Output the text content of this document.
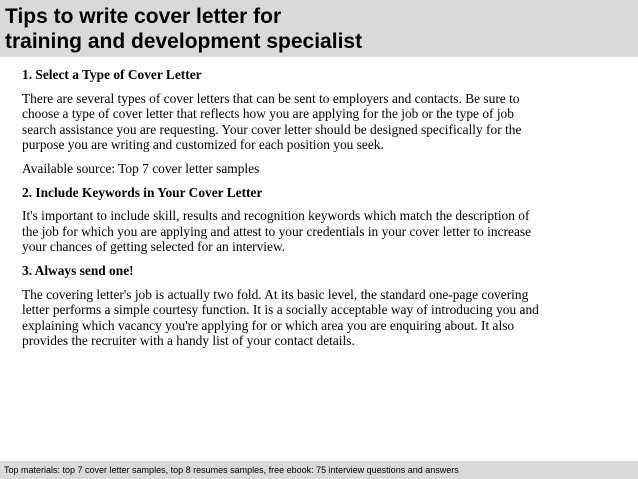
Tips to write cover letter for
training and development specialist

1. Select a Type of Cover Letter

There are several types of cover letters that can be sent to employers and contacts. Be sure to
choose a type of cover letter that reflects how you are applying for the job or the type of job
search assistance you are requesting. Your cover letter should be designed specifically for the
purpose you are writing and customized for each position you seek.

Available source: Top 7 cover letter samples

2. Include Keywords in Your Cover Letter

It's important to include skill, results and recognition keywords which match the description of
the job for which you are applying and attest to your credentials in your cover letter to increase
your chances of getting selected for an interview.

3. Always send one!

The covering letter's job is actually two fold. At its basic level, the standard one-page covering
letter performs a simple courtesy function. It is a socially acceptable way of introducing you and
explaining which vacancy you're applying for or which area you are enquiring about. It also
provides the recruiter with a handy list of your contact details.

Top materials: top 7 cover letter samples, top 8 resumes samples, free ebook: 75 interview questions and answers
